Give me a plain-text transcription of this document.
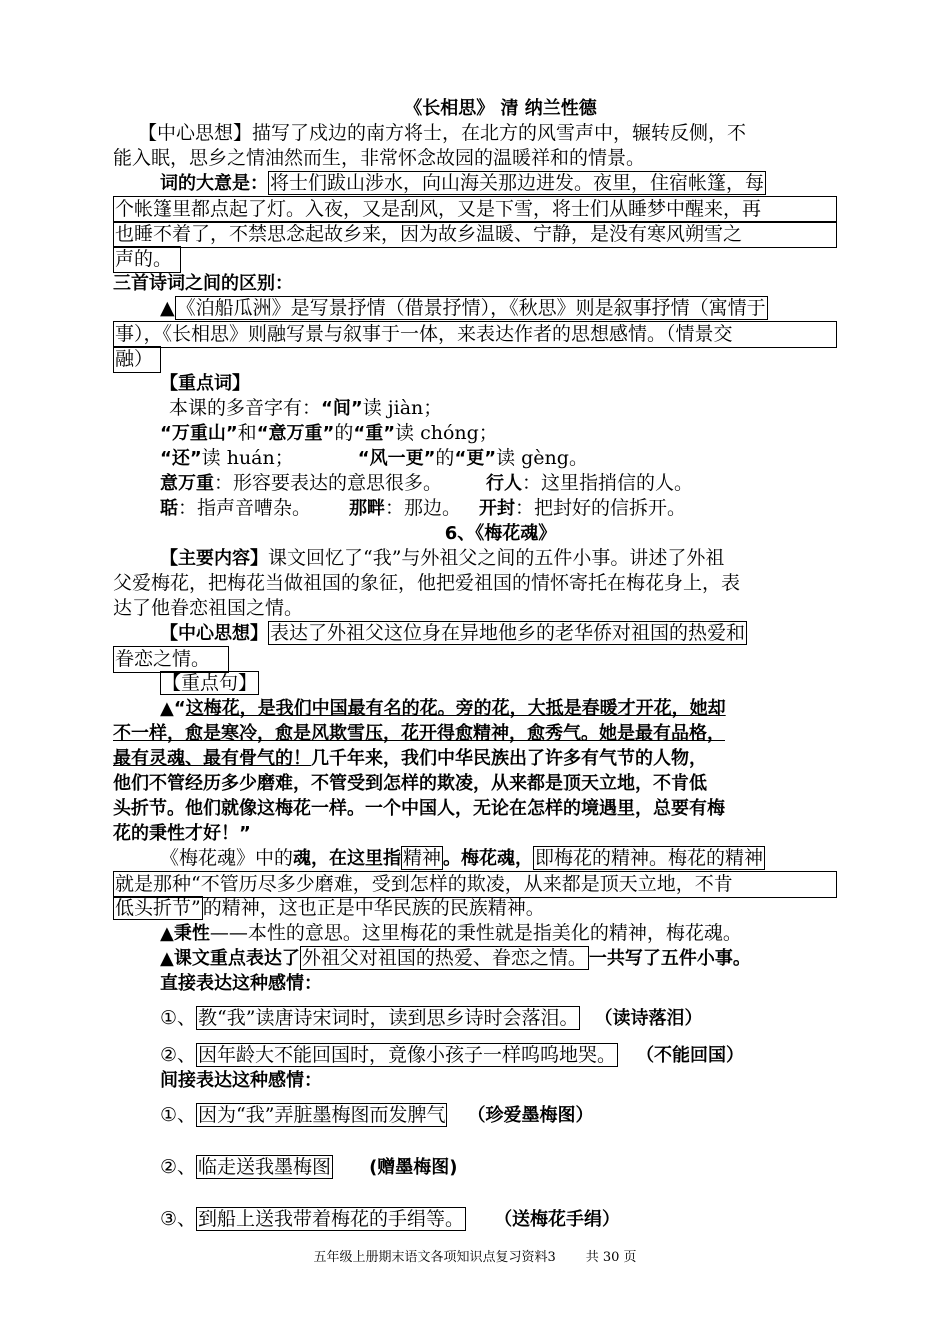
《长相思》 清 纳兰性德
【中心思想】描写了戍边的南方将士，在北方的风雪声中，辗转反侧，不
能入眠，思乡之情油然而生，非常怀念故园的温暖祥和的情景。
词的大意是： 将士们跋山涉水，向山海关那边进发。夜里，住宿帐篷，每
个帐篷里都点起了灯。入夜，又是刮风，又是下雪，将士们从睡梦中醒来，再
也睡不着了，不禁思念起故乡来，因为故乡温暖、宁静，是没有寒风朔雪之
声的。
三首诗词之间的区别：
▲ 《泊船瓜洲》是写景抒情（借景抒情），《秋思》则是叙事抒情（寓情于
事），《长相思》则融写景与叙事于一体，来表达作者的思想感情。（情景交
融）
【重点词】
本课的多音字有：“间”读 jiàn；
“万重山”和“意万重”的“重”读 chóng；
“还”读 huán；	“风一更”的“更”读 gèng。
意万重：形容要表达的意思很多。 行人：这里指捎信的人。
聒：指声音嘈杂。 那畔：那边。 开封：把封好的信拆开。
6、《梅花魂》
【主要内容】课文回忆了“我”与外祖父之间的五件小事。讲述了外祖
父爱梅花，把梅花当做祖国的象征，他把爱祖国的情怀寄托在梅花身上，表
达了他眷恋祖国之情。
【中心思想】 表达了外祖父这位身在异地他乡的老华侨对祖国的热爱和
眷恋之情。
【重点句】
▲“这梅花，是我们中国最有名的花。旁的花，大抵是春暖才开花，她却
不一样，愈是寒冷，愈是风欺雪压，花开得愈精神，愈秀气。她是最有品格，
最有灵魂、最有骨气的！几千年来，我们中华民族出了许多有气节的人物，
他们不管经历多少磨难，不管受到怎样的欺凌，从来都是顶天立地，不肯低
头折节。他们就像这梅花一样。一个中国人，无论在怎样的境遇里，总要有梅
花的秉性才好！”
《梅花魂》中的魂，在这里指 精神 。梅花魂， 即梅花的精神。梅花的精神
就是那种“不管历尽多少磨难，受到怎样的欺凌，从来都是顶天立地，不肯
低头折节” 的精神，这也正是中华民族的民族精神。
▲秉性——本性的意思。这里梅花的秉性就是指美化的精神，梅花魂。
▲课文重点表达了 外祖父对祖国的热爱、眷恋之情。 一共写了五件小事。
直接表达这种感情：
①、 教“我”读唐诗宋词时，读到思乡诗时会落泪。 （读诗落泪）
②、 因年龄大不能回国时，竟像小孩子一样呜呜地哭。 （不能回国）
间接表达这种感情：
①、 因为“我”弄脏墨梅图而发脾气 （珍爱墨梅图）
②、 临走送我墨梅图 (赠墨梅图)
③、 到船上送我带着梅花的手绢等。 （送梅花手绢）
五年级上册期末语文各项知识点复习资料3 共 30 页
